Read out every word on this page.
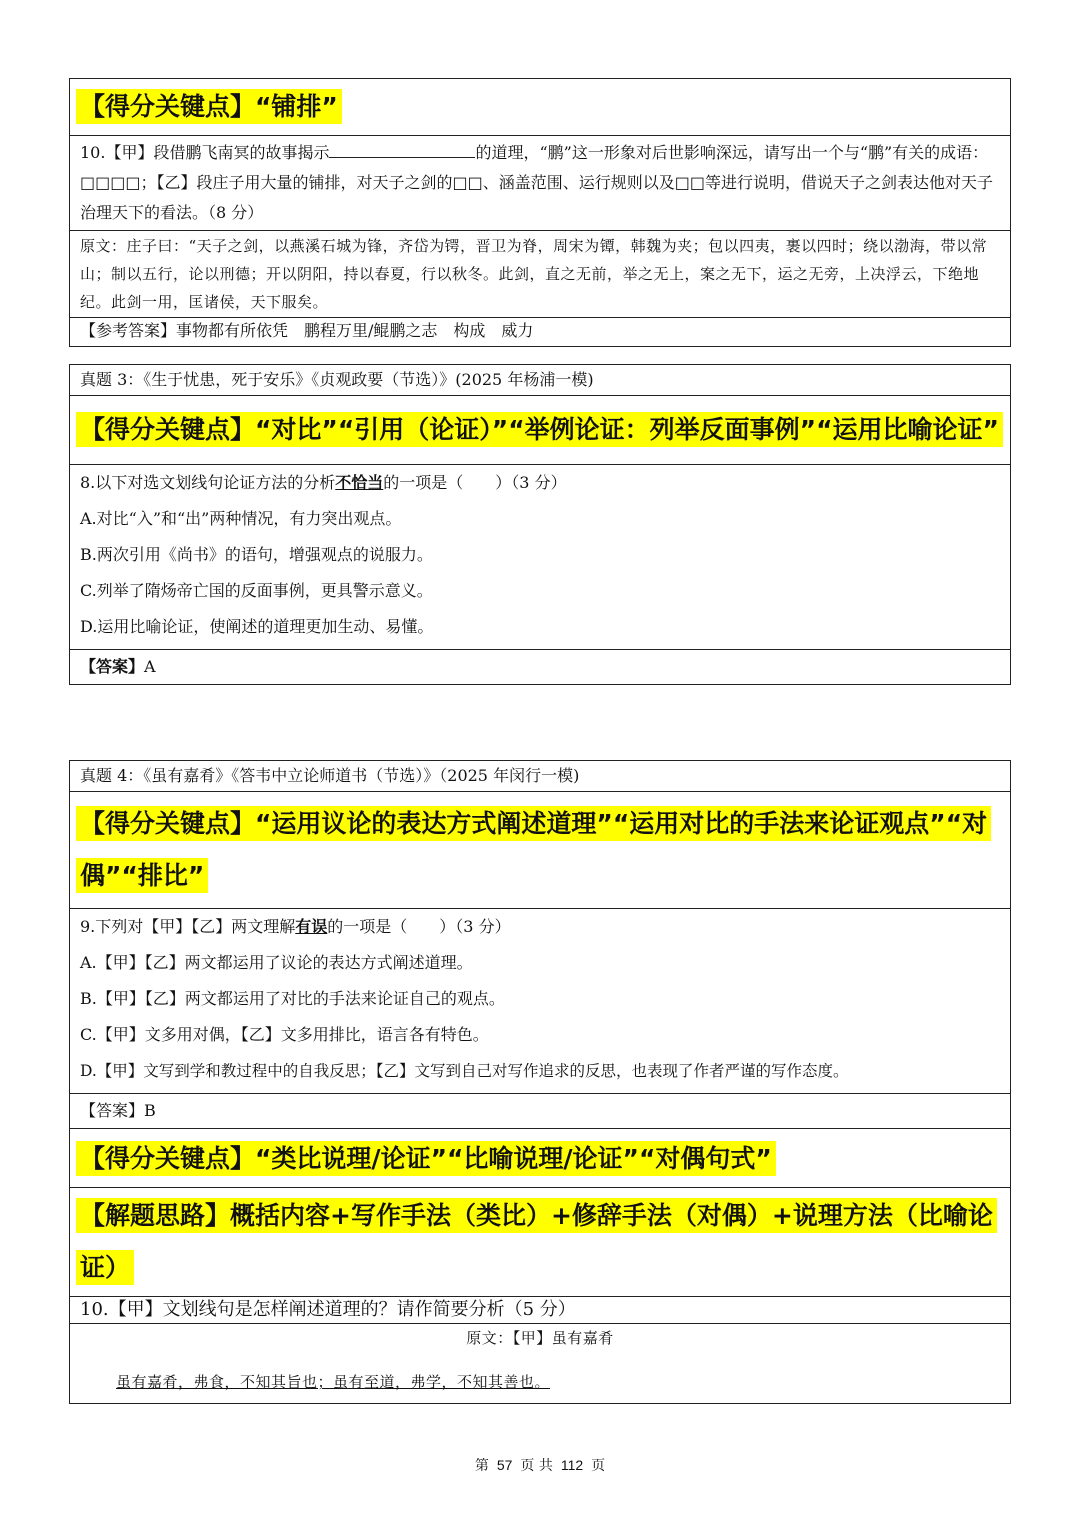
【得分关键点】“铺排”
10.【甲】段借鹏飞南冥的故事揭示	的道理，“鹏”这一形象对后世影响深远，请写出一个与“鹏”有关的成语：□□□□；【乙】段庄子用大量的铺排，对天子之剑的□□、涵盖范围、运行规则以及□□等进行说明，借说天子之剑表达他对天子治理天下的看法。（8 分）
原文：庄子曰：“天子之剑，以燕溪石城为锋，齐岱为锷，晋卫为脊，周宋为镡，韩魏为夹；包以四夷，裹以四时；绕以渤海，带以常山；制以五行，论以刑德；开以阴阳，持以春夏，行以秋冬。此剑，直之无前，举之无上，案之无下，运之无旁，上决浮云，下绝地纪。此剑一用，匡诸侯，天下服矣。
【参考答案】事物都有所依凭　鹏程万里/鲲鹏之志　构成　威力
真题 3：《生于忧患，死于安乐》《贞观政要（节选）》(2025 年杨浦一模)
【得分关键点】“对比”“引用（论证）”“举例论证：列举反面事例”“运用比喻论证”
8.以下对选文划线句论证方法的分析不恰当的一项是（　　）（3 分）
A.对比“入”和“出”两种情况，有力突出观点。
B.两次引用《尚书》的语句，增强观点的说服力。
C.列举了隋炀帝亡国的反面事例，更具警示意义。
D.运用比喻论证，使阐述的道理更加生动、易懂。
【答案】A
真题 4：《虽有嘉肴》《答韦中立论师道书（节选）》（2025 年闵行一模)
【得分关键点】“运用议论的表达方式阐述道理”“运用对比的手法来论证观点”“对偶”“排比”
9.下列对【甲】【乙】两文理解有误的一项是（　　）（3 分）
A.【甲】【乙】两文都运用了议论的表达方式阐述道理。
B.【甲】【乙】两文都运用了对比的手法来论证自己的观点。
C.【甲】文多用对偶，【乙】文多用排比，语言各有特色。
D.【甲】文写到学和教过程中的自我反思；【乙】文写到自己对写作追求的反思，也表现了作者严谨的写作态度。
【答案】B
【得分关键点】“类比说理/论证”“比喻说理/论证”“对偶句式”
【解题思路】概括内容+写作手法（类比）+修辞手法（对偶）+说理方法（比喻论证）
10.【甲】文划线句是怎样阐述道理的？请作简要分析（5 分）
原文：【甲】虽有嘉肴
虽有嘉肴，弗食，不知其旨也；虽有至道，弗学，不知其善也。
第 57 页 共 112 页
